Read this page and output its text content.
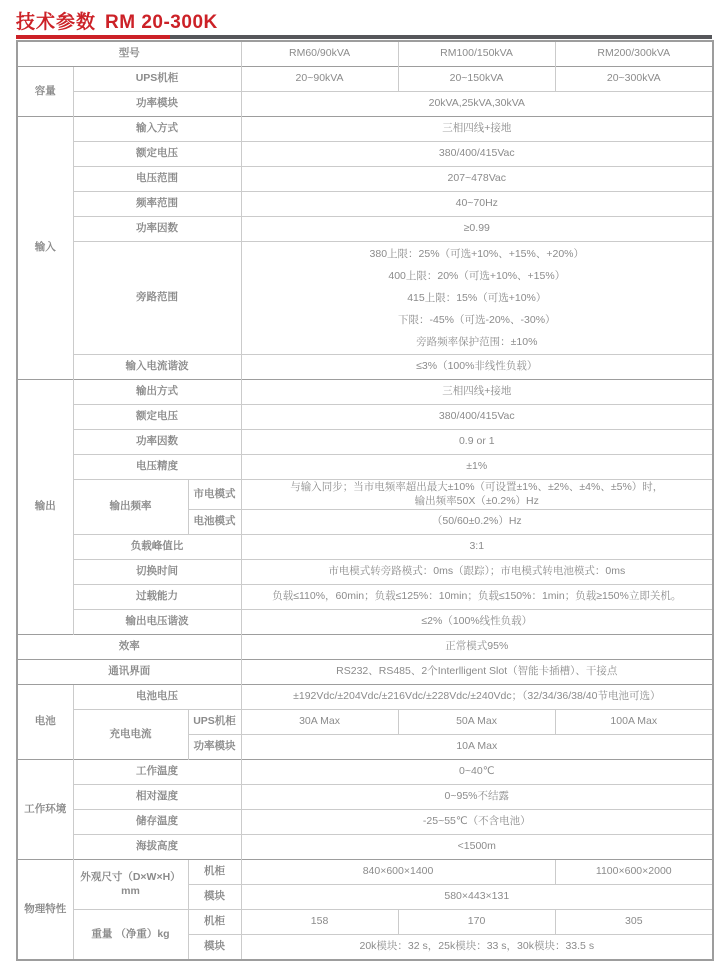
技术参数 RM 20-300K
型号			RM60/90kVA	RM100/150kVA	RM200/300kVA
容量	UPS机柜		20~90kVA	20~150kVA	20~300kVA
	功率模块		20kVA,25kVA,30kVA		
输入	输入方式		三相四线+接地		
	额定电压		380/400/415Vac		
	电压范围		207~478Vac		
	频率范围		40~70Hz		
	功率因数		≥0.99		
	旁路范围		380上限：25%（可选+10%、+15%、+20%）
400上限：20%（可选+10%、+15%）
415上限：15%（可选+10%）
下限：-45%（可选-20%、-30%）
旁路频率保护范围：±10%		

	输入电流谐波		≤3%（100%非线性负载）		
输出	输出方式		三相四线+接地		
	额定电压		380/400/415Vac		
	功率因数		0.9 or 1		
	电压精度		±1%		
	输出频率	市电模式	与输入同步；当市电频率超出最大±10%（可设置±1%、±2%、±4%、±5%）时，
输出频率50X（±0.2%）Hz		

		电池模式	（50/60±0.2%）Hz		
	负载峰值比		3:1		
	切换时间		市电模式转旁路模式：0ms（跟踪）；市电模式转电池模式：0ms		
	过载能力		负载≤110%，60min；负载≤125%：10min；负载≤150%：1min；负载≥150%立即关机。		
	输出电压谐波		≤2%（100%线性负载）		
效率			正常模式95%		
通讯界面			RS232、RS485、2个Interlligent Slot（智能卡插槽）、干接点		
电池	电池电压		±192Vdc/±204Vdc/±216Vdc/±228Vdc/±240Vdc；（32/34/36/38/40节电池可选）		
	充电电流	UPS机柜	30A Max	50A Max	100A Max
		功率模块	10A Max		
工作环境	工作温度		0~40℃		
	相对湿度		0~95%不结露		
	储存温度		-25~55℃（不含电池）		
	海拔高度		<1500m		
物理特性	外观尺寸（D×W×H） mm	机柜	840×600×1400		1100×600×2000
		模块	580×443×131		
	重量 （净重）kg	机柜	158	170	305
		模块	20k模块：32 s，25k模块：33 s，30k模块：33.5 s		
